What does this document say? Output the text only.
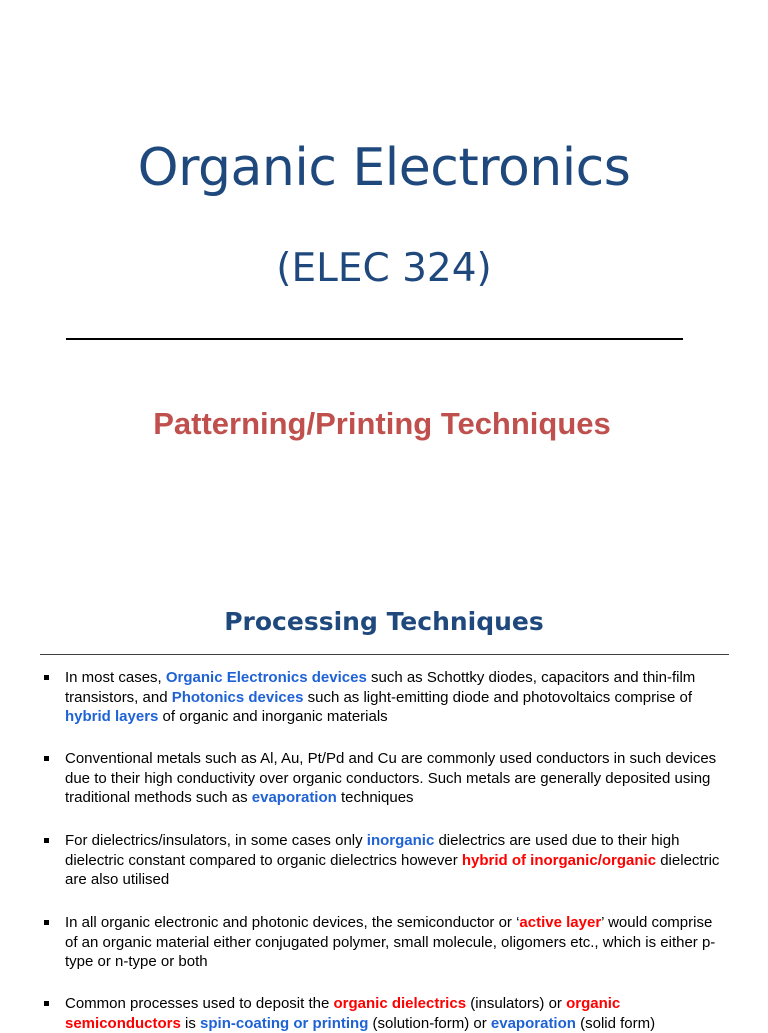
Organic Electronics
(ELEC 324)
Patterning/Printing Techniques
Processing Techniques
In most cases, Organic Electronics devices such as Schottky diodes, capacitors and thin-film transistors, and Photonics devices such as light-emitting diode and photovoltaics comprise of hybrid layers of organic and inorganic materials
Conventional metals such as Al, Au, Pt/Pd and Cu are commonly used conductors in such devices due to their high conductivity over organic conductors. Such metals are generally deposited using traditional methods such as evaporation techniques
For dielectrics/insulators, in some cases only inorganic dielectrics are used due to their high dielectric constant compared to organic dielectrics however hybrid of inorganic/organic dielectric are also utilised
In all organic electronic and photonic devices, the semiconductor or ‘active layer’ would comprise of an organic material either conjugated polymer, small molecule, oligomers etc., which is either p-type or n-type or both
Common processes used to deposit the organic dielectrics (insulators) or organic semiconductors is spin-coating or printing (solution-form) or evaporation (solid form)
